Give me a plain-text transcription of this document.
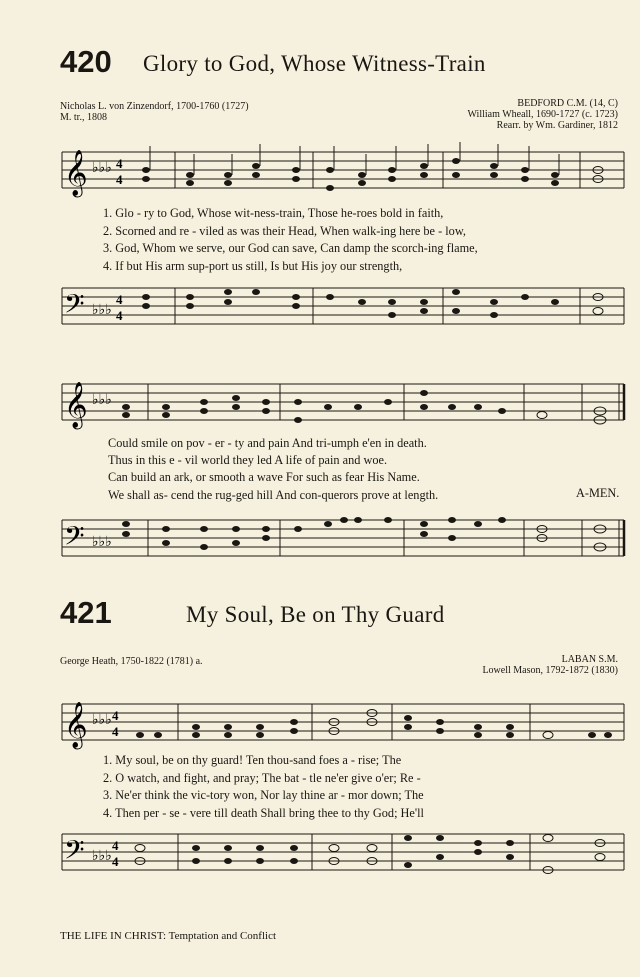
420 Glory to God, Whose Witness-Train
Nicholas L. von Zinzendorf, 1700-1760 (1727)
M. tr., 1808
BEDFORD C.M. (14, C)
William Wheall, 1690-1727 (c. 1723)
Rearr. by Wm. Gardiner, 1812
𝄞 ♭♭♭ 4
4
1. Glo - ry to God, Whose wit-ness-train, Those he-roes bold in faith,
2. Scorned and re - viled as was their Head, When walk-ing here be - low,
3. God, Whom we serve, our God can save, Can damp the scorch-ing flame,
4. If but His arm sup-port us still, Is but His joy our strength,
𝄢 ♭♭♭
4
4
𝄞 ♭♭♭
Could smile on pov - er - ty and pain And tri-umph e'en in death.
Thus in this e - vil world they led A life of pain and woe.
Can build an ark, or smooth a wave For such as fear His Name.
We shall as- cend the rug-ged hill And con-querors prove at length.	A-MEN.
𝄢 ♭♭♭
421	My Soul, Be on Thy Guard
George Heath, 1750-1822 (1781) a.	LABAN S.M.
Lowell Mason, 1792-1872 (1830)
𝄞 ♭♭♭ 4
4
1. My soul, be on thy guard! Ten thou-sand foes a - rise; The
2. O watch, and fight, and pray; The bat - tle ne'er give o'er; Re -
3. Ne'er think the vic-tory won, Nor lay thine ar - mor down; The
4. Then per - se - vere till death Shall bring thee to thy God; He'll
𝄢 ♭♭♭
4
4
THE LIFE IN CHRIST: Temptation and Conflict
